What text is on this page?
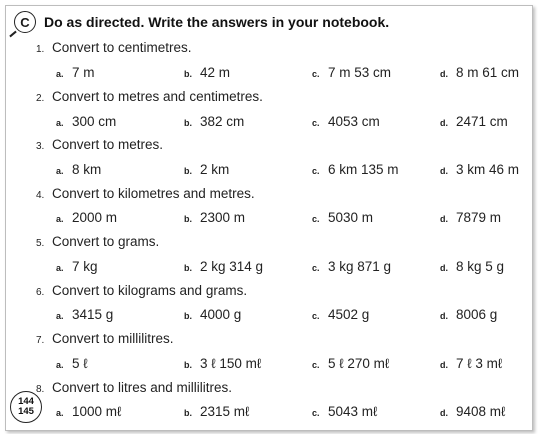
C Do as directed. Write the answers in your notebook.
1. Convert to centimetres.
a. 7 m	b. 42 m	c. 7 m 53 cm	d. 8 m 61 cm
2. Convert to metres and centimetres.
a. 300 cm	b. 382 cm	c. 4053 cm	d. 2471 cm
3. Convert to metres.
a. 8 km	b. 2 km	c. 6 km 135 m	d. 3 km 46 m
4. Convert to kilometres and metres.
a. 2000 m	b. 2300 m	c. 5030 m	d. 7879 m
5. Convert to grams.
a. 7 kg	b. 2 kg 314 g	c. 3 kg 871 g	d. 8 kg 5 g
6. Convert to kilograms and grams.
a. 3415 g	b. 4000 g	c. 4502 g	d. 8006 g
7. Convert to millilitres.
a. 5 ℓ	b. 3 ℓ 150 mℓ	c. 5 ℓ 270 mℓ	d. 7 ℓ 3 mℓ
8. Convert to litres and millilitres.
a. 1000 mℓ	b. 2315 mℓ	c. 5043 mℓ	d. 9408 mℓ
144
145
